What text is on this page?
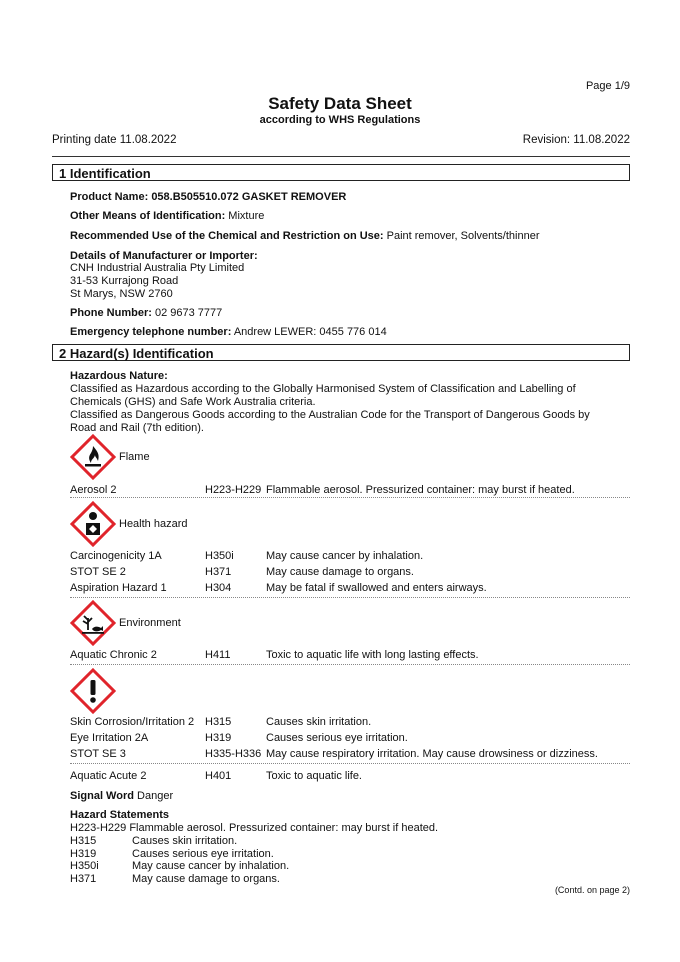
Page 1/9
Safety Data Sheet
according to WHS Regulations
Printing date 11.08.2022	Revision: 11.08.2022
1 Identification
Product Name: 058.B505510.072 GASKET REMOVER
Other Means of Identification: Mixture
Recommended Use of the Chemical and Restriction on Use: Paint remover, Solvents/thinner
Details of Manufacturer or Importer:
CNH Industrial Australia Pty Limited
31-53 Kurrajong Road
St Marys, NSW 2760
Phone Number: 02 9673 7777
Emergency telephone number: Andrew LEWER: 0455 776 014
2 Hazard(s) Identification
Hazardous Nature:
Classified as Hazardous according to the Globally Harmonised System of Classification and Labelling of
Chemicals (GHS) and Safe Work Australia criteria.
Classified as Dangerous Goods according to the Australian Code for the Transport of Dangerous Goods by
Road and Rail (7th edition).
Flame
Aerosol 2	H223-H229 Flammable aerosol. Pressurized container: may burst if heated.
Health hazard
Carcinogenicity 1A	H350i	May cause cancer by inhalation.
STOT SE 2	H371	May cause damage to organs.
Aspiration Hazard 1	H304	May be fatal if swallowed and enters airways.
Environment
Aquatic Chronic 2	H411	Toxic to aquatic life with long lasting effects.
Skin Corrosion/Irritation 2 H315	Causes skin irritation.
Eye Irritation 2A	H319	Causes serious eye irritation.
STOT SE 3	H335-H336 May cause respiratory irritation. May cause drowsiness or dizziness.
Aquatic Acute 2	H401	Toxic to aquatic life.
Signal Word Danger
Hazard Statements
H223-H229 Flammable aerosol. Pressurized container: may burst if heated.
H315	Causes skin irritation.
H319	Causes serious eye irritation.
H350i	May cause cancer by inhalation.
H371	May cause damage to organs.
(Contd. on page 2)
